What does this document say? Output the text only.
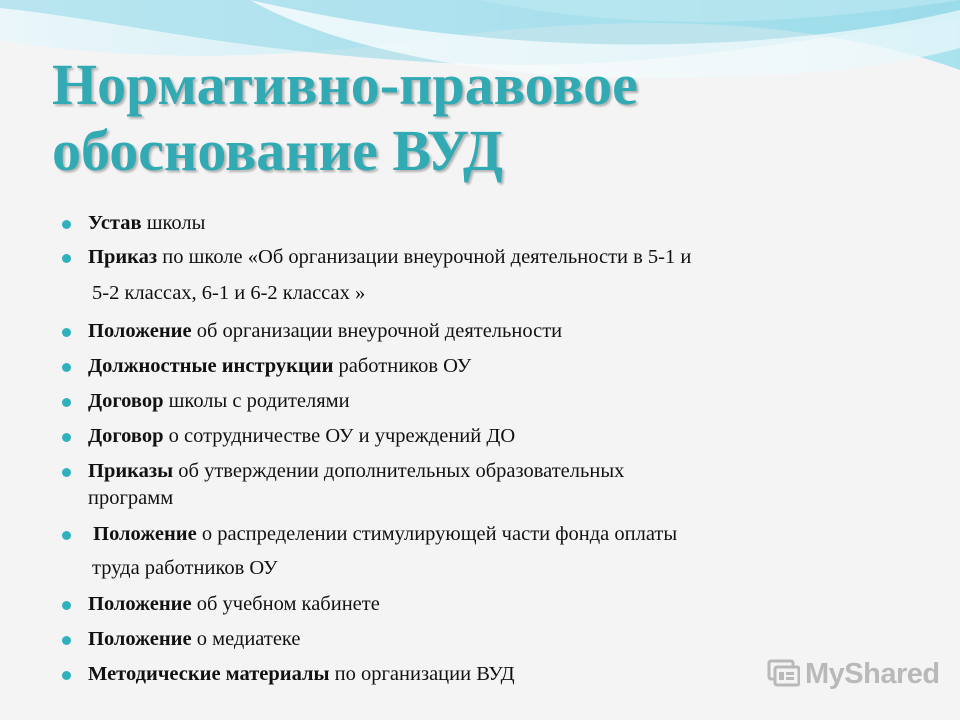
Нормативно-правовое
обоснование ВУД
Устав школы
Приказ по школе «Об организации внеурочной деятельности в 5-1 и
Положение об организации внеурочной деятельности
Должностные инструкции работников ОУ
Договор школы с родителями
Договор о сотрудничестве ОУ и учреждений ДО
Приказы об утверждении дополнительных образовательных
Положение о распределении стимулирующей части фонда оплаты
Положение об учебном кабинете
Положение о медиатеке
Методические материалы по организации ВУД
5-2 классах, 6-1 и 6-2 классах »
программ
труда работников ОУ
MyShared
